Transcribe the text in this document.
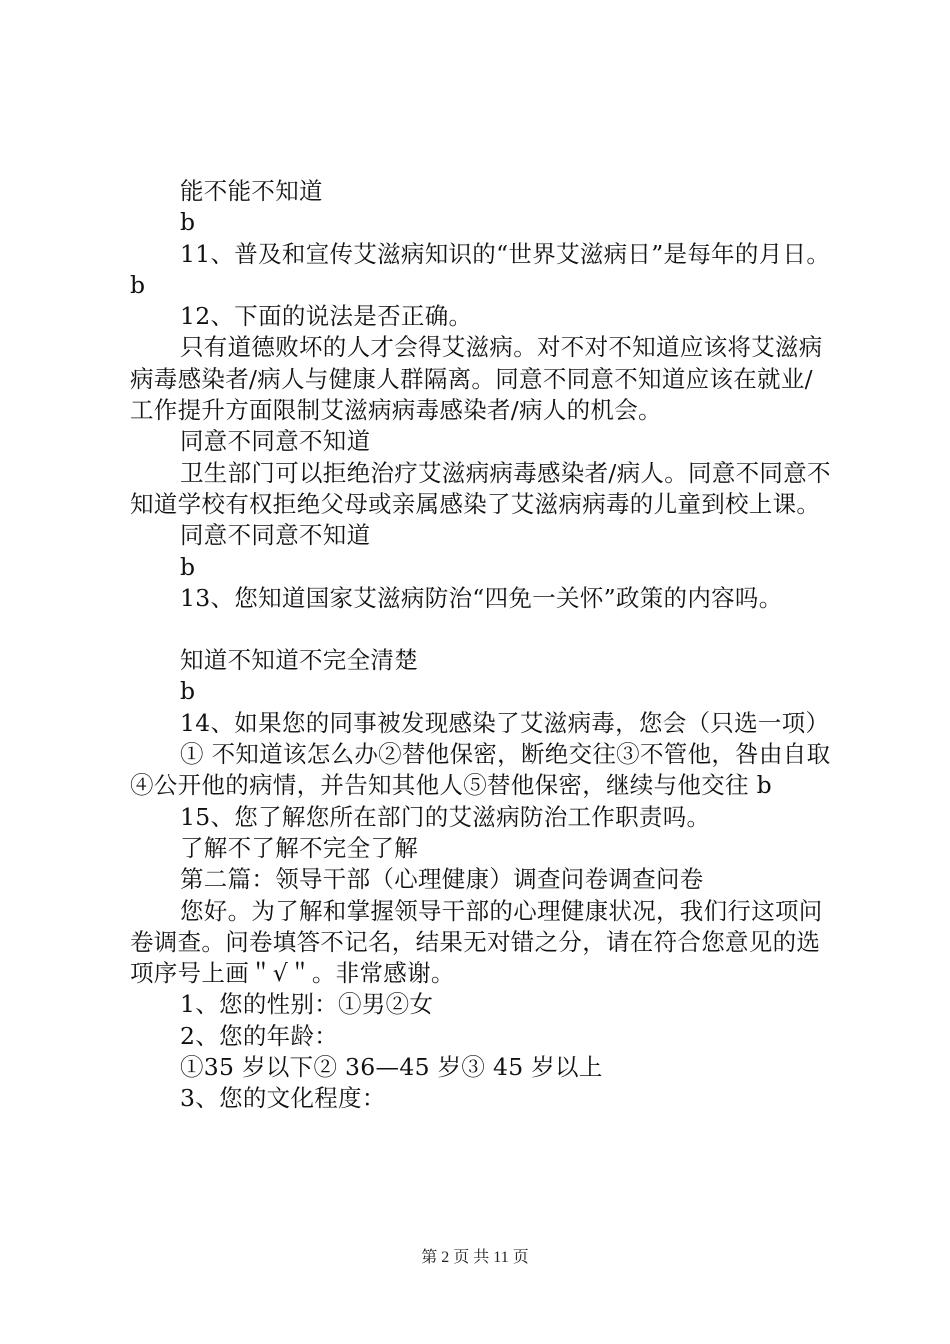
能不能不知道

b

11、普及和宣传艾滋病知识的“世界艾滋病日”是每年的月日。b

12、下面的说法是否正确。

只有道德败坏的人才会得艾滋病。对不对不知道应该将艾滋病病毒感染者/病人与健康人群隔离。同意不同意不知道应该在就业/工作提升方面限制艾滋病病毒感染者/病人的机会。

同意不同意不知道

卫生部门可以拒绝治疗艾滋病病毒感染者/病人。同意不同意不知道学校有权拒绝父母或亲属感染了艾滋病病毒的儿童到校上课。

同意不同意不知道

b

13、您知道国家艾滋病防治“四免一关怀”政策的内容吗。

知道不知道不完全清楚

b

14、如果您的同事被发现感染了艾滋病毒，您会（只选一项）

① 不知道该怎么办②替他保密，断绝交往③不管他，咎由自取④公开他的病情，并告知其他人⑤替他保密，继续与他交往 b

15、您了解您所在部门的艾滋病防治工作职责吗。

了解不了解不完全了解

第二篇：领导干部（心理健康）调查问卷调查问卷

您好。为了解和掌握领导干部的心理健康状况，我们行这项问卷调查。问卷填答不记名，结果无对错之分，请在符合您意见的选项序号上画＂√＂。非常感谢。

1、您的性别：①男②女

2、您的年龄：

①35 岁以下② 36—45 岁③ 45 岁以上

3、您的文化程度：

第 2 页 共 11 页
